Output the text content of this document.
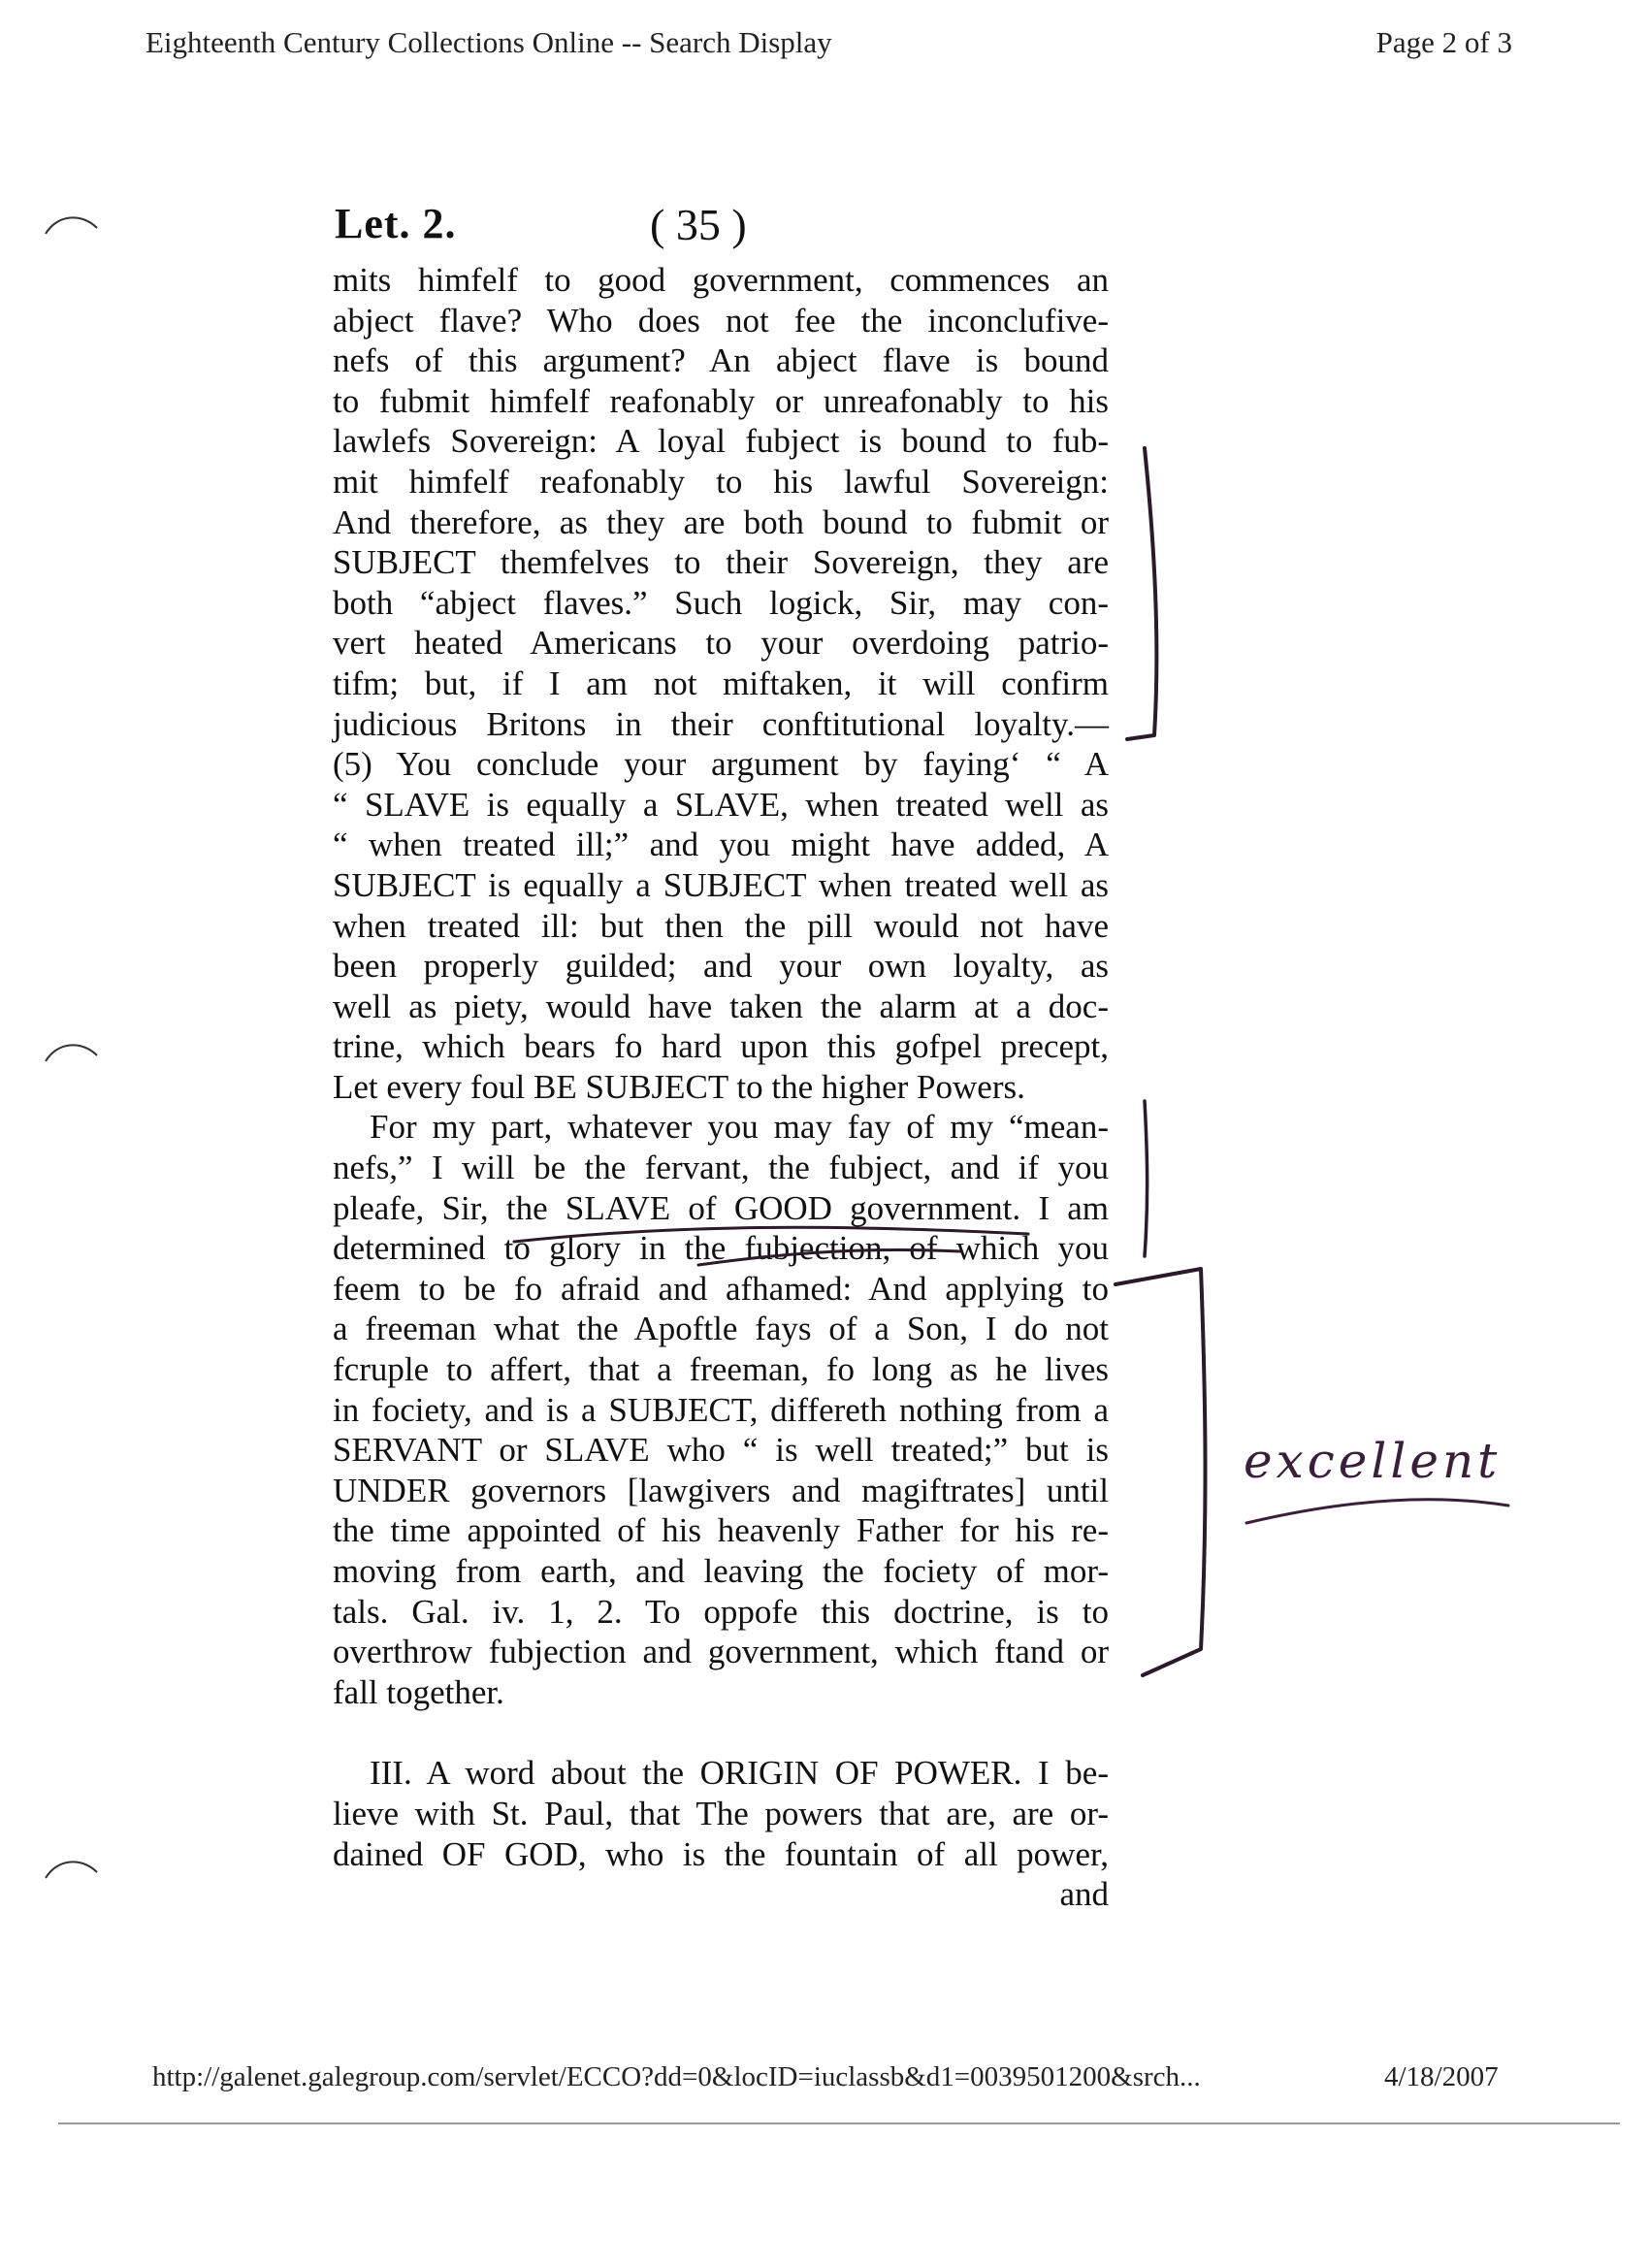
Eighteenth Century Collections Online -- Search Display	Page 2 of 3
Let. 2.	( 35 )
mits himfelf to good government, commences an
abject flave? Who does not fee the inconclufive-
nefs of this argument? An abject flave is bound
to fubmit himfelf reafonably or unreafonably to his
lawlefs Sovereign: A loyal fubject is bound to fub-
mit himfelf reafonably to his lawful Sovereign:
And therefore, as they are both bound to fubmit or
SUBJECT themfelves to their Sovereign, they are
both “abject flaves.” Such logick, Sir, may con-
vert heated Americans to your overdoing patrio-
tifm; but, if I am not miftaken, it will confirm
judicious Britons in their conftitutional loyalty.—
(5) You conclude your argument by faying‘ “ A
“ SLAVE is equally a SLAVE, when treated well as
“ when treated ill;” and you might have added, A
SUBJECT is equally a SUBJECT when treated well as
when treated ill: but then the pill would not have
been properly guilded; and your own loyalty, as
well as piety, would have taken the alarm at a doc-
trine, which bears fo hard upon this gofpel precept,
Let every foul BE SUBJECT to the higher Powers.
For my part, whatever you may fay of my “mean-
nefs,” I will be the fervant, the fubject, and if you
pleafe, Sir, the SLAVE of GOOD government. I am
determined to glory in the fubjection, of which you
feem to be fo afraid and afhamed: And applying to
a freeman what the Apoftle fays of a Son, I do not
fcruple to affert, that a freeman, fo long as he lives
in fociety, and is a SUBJECT, differeth nothing from a
SERVANT or SLAVE who “ is well treated;” but is
UNDER governors [lawgivers and magiftrates] until
the time appointed of his heavenly Father for his re-
moving from earth, and leaving the fociety of mor-
tals. Gal. iv. 1, 2. To oppofe this doctrine, is to
overthrow fubjection and government, which ftand or
fall together.
III. A word about the ORIGIN OF POWER. I be-
lieve with St. Paul, that The powers that are, are or-
dained OF GOD, who is the fountain of all power,
and
excellent
http://galenet.galegroup.com/servlet/ECCO?dd=0&locID=iuclassb&d1=0039501200&srch...	4/18/2007
